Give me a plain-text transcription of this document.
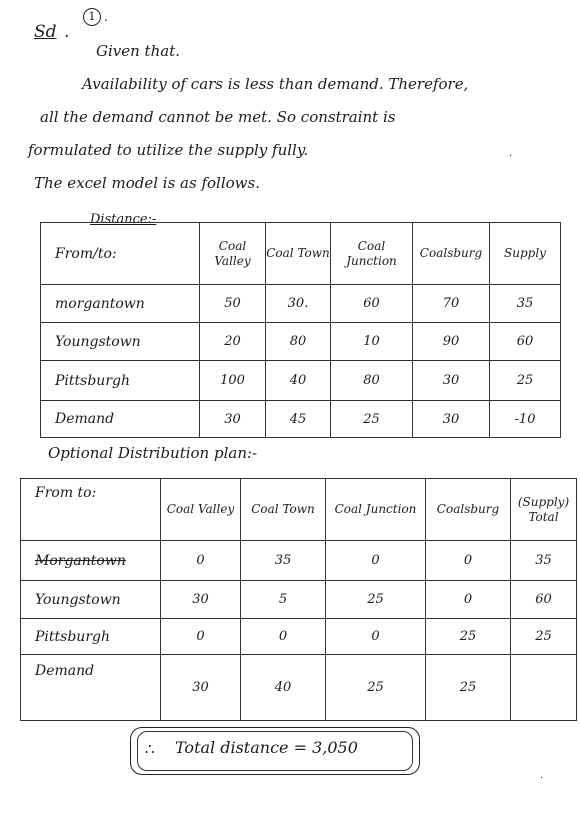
Sd .
1 .
Given that.
Availability of cars is less than demand. Therefore,
all the demand cannot be met. So constraint is
formulated to utilize the supply fully.	.
The excel model is as follows.
Distance:-
From/to:	Coal Valley	Coal Town	Coal Junction	Coalsburg	Supply
morgantown	50	30.	60	70	35
Youngstown	20	80	10	90	60
Pittsburgh	100	40	80	30	25
Demand	30	45	25	30	-10
Optional Distribution plan:-
From to:	Coal Valley	Coal Town	Coal Junction	Coalsburg	(Supply) Total
Morgantown	0	35	0	0	35
Youngstown	30	5	25	0	60
Pittsburgh	0	0	0	25	25
Demand	30	40	25	25	
∴	Total distance = 3,050
.
